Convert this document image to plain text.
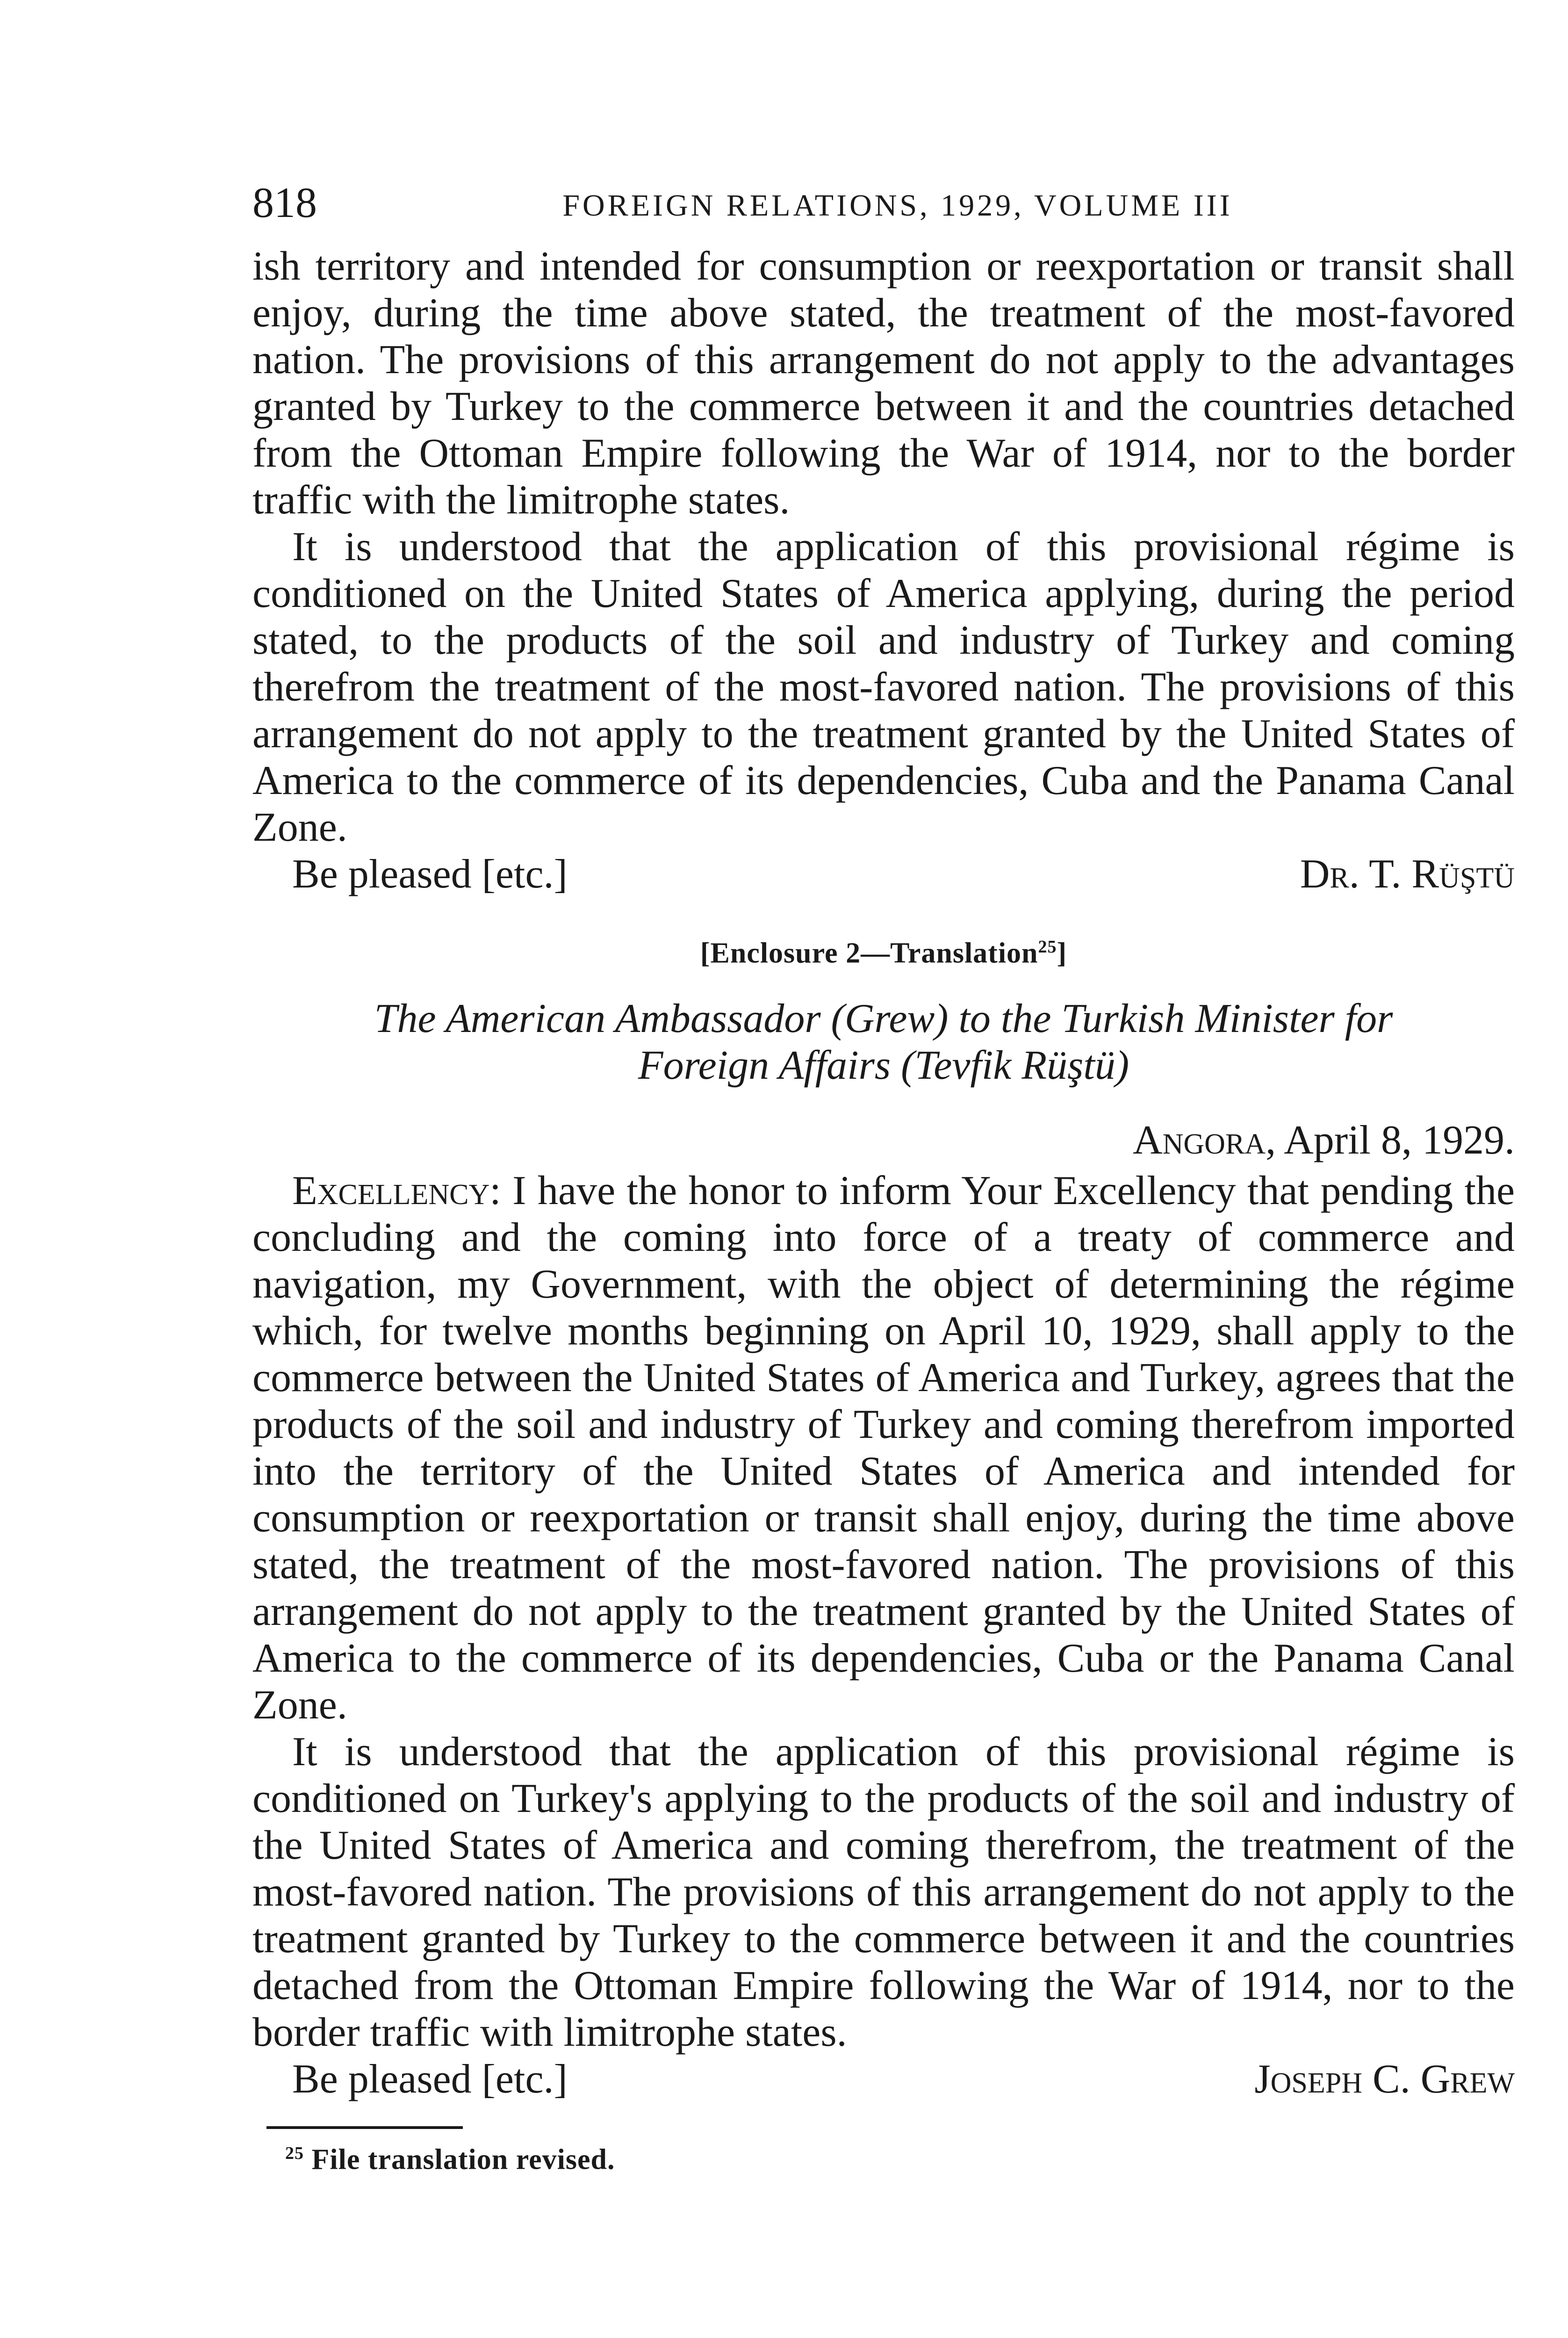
818	FOREIGN RELATIONS, 1929, VOLUME III

ish territory and intended for consumption or reexportation or transit shall enjoy, during the time above stated, the treatment of the most-favored nation. The provisions of this arrangement do not apply to the advantages granted by Turkey to the commerce between it and the countries detached from the Ottoman Empire following the War of 1914, nor to the border traffic with the limitrophe states.

It is understood that the application of this provisional régime is conditioned on the United States of America applying, during the period stated, to the products of the soil and industry of Turkey and coming therefrom the treatment of the most-favored nation. The provisions of this arrangement do not apply to the treatment granted by the United States of America to the commerce of its dependencies, Cuba and the Panama Canal Zone.

Be pleased [etc.]	Dr. T. Rüştü
[Enclosure 2—Translation$^{25}$]
The American Ambassador (Grew) to the Turkish Minister for
Foreign Affairs (Tevfik Rüştü)
Angora, April 8, 1929.

Excellency: I have the honor to inform Your Excellency that pending the concluding and the coming into force of a treaty of commerce and navigation, my Government, with the object of determining the régime which, for twelve months beginning on April 10, 1929, shall apply to the commerce between the United States of America and Turkey, agrees that the products of the soil and industry of Turkey and coming therefrom imported into the territory of the United States of America and intended for consumption or reexportation or transit shall enjoy, during the time above stated, the treatment of the most-favored nation. The provisions of this arrangement do not apply to the treatment granted by the United States of America to the commerce of its dependencies, Cuba or the Panama Canal Zone.

It is understood that the application of this provisional régime is conditioned on Turkey's applying to the products of the soil and industry of the United States of America and coming therefrom, the treatment of the most-favored nation. The provisions of this arrangement do not apply to the treatment granted by Turkey to the commerce between it and the countries detached from the Ottoman Empire following the War of 1914, nor to the border traffic with limitrophe states.

Be pleased [etc.]	Joseph C. Grew
$^{25}$ File translation revised.
